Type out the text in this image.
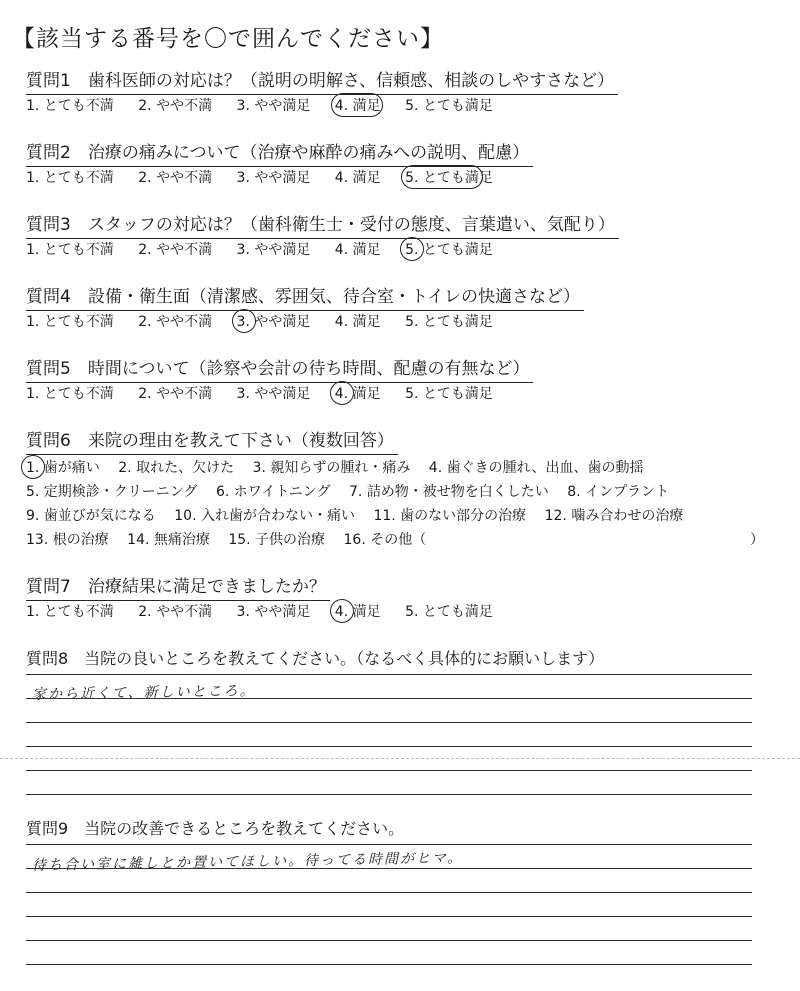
【該当する番号を〇で囲んでください】
質問1　歯科医師の対応は？（説明の明解さ、信頼感、相談のしやすさなど）
1. とても不満 2. やや不満 3. やや満足 4. 満足 5. とても満足
質問2　治療の痛みについて（治療や麻酔の痛みへの説明、配慮）
1. とても不満 2. やや不満 3. やや満足 4. 満足 5. とても満足
質問3　スタッフの対応は？（歯科衛生士・受付の態度、言葉遣い、気配り）
1. とても不満 2. やや不満 3. やや満足 4. 満足 5. とても満足
質問4　設備・衛生面（清潔感、雰囲気、待合室・トイレの快適さなど）
1. とても不満 2. やや不満 3. やや満足 4. 満足 5. とても満足
質問5　時間について（診察や会計の待ち時間、配慮の有無など）
1. とても不満 2. やや不満 3. やや満足 4. 満足 5. とても満足
質問6　来院の理由を教えて下さい（複数回答）
1. 歯が痛い 2. 取れた、欠けた 3. 親知らずの腫れ・痛み 4. 歯ぐきの腫れ、出血、歯の動揺
5. 定期検診・クリーニング 6. ホワイトニング 7. 詰め物・被せ物を白くしたい 8. インプラント
9. 歯並びが気になる 10. 入れ歯が合わない・痛い 11. 歯のない部分の治療 12. 噛み合わせの治療
13. 根の治療 14. 無痛治療 15. 子供の治療 16. その他（	）
質問7　治療結果に満足できましたか？
1. とても不満 2. やや不満 3. やや満足 4. 満足 5. とても満足
質問8　当院の良いところを教えてください。（なるべく具体的にお願いします）
家から近くて、新しいところ。
質問9　当院の改善できるところを教えてください。
待ち合い室に雑しとか置いてほしい。待ってる時間がヒマ。
